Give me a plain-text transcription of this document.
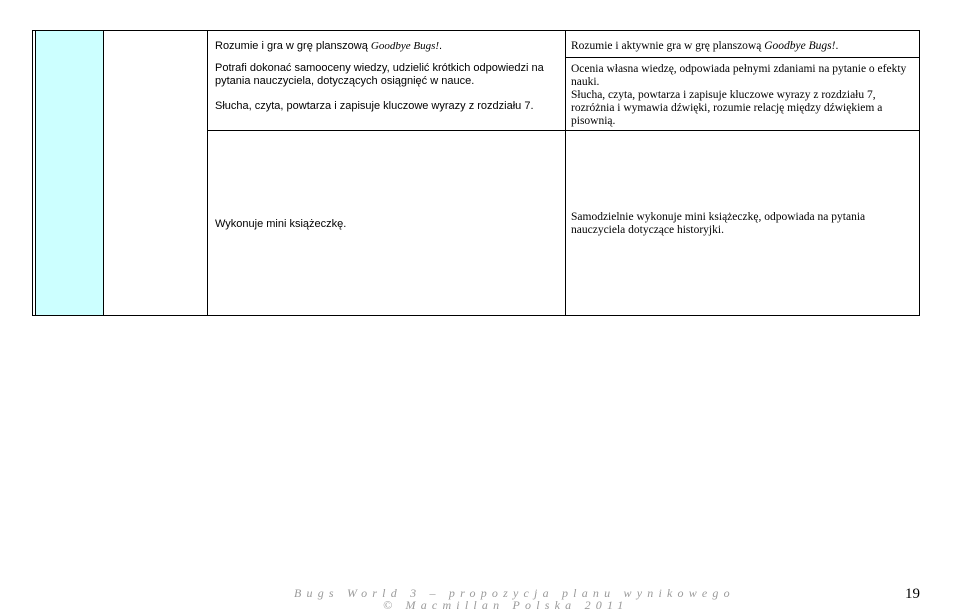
Rozumie i gra w grę planszową Goodbye Bugs!.

Potrafi dokonać samooceny wiedzy, udzielić krótkich odpowiedzi na pytania nauczyciela, dotyczących osiągnięć w nauce.

Słucha, czyta, powtarza i zapisuje kluczowe wyrazy z rozdziału 7.

Rozumie i aktywnie gra w grę planszową Goodbye Bugs!.

Ocenia własna wiedzę, odpowiada pełnymi zdaniami na pytanie o efekty nauki.

Słucha, czyta, powtarza i zapisuje kluczowe wyrazy z rozdziału 7, rozróżnia i wymawia dźwięki, rozumie relację między dźwiękiem a pisownią.

Wykonuje mini książeczkę.

Samodzielnie wykonuje mini książeczkę, odpowiada na pytania nauczyciela dotyczące historyjki.

Bugs World 3 – propozycja planu wynikowego
© Macmillan Polska 2011
19
